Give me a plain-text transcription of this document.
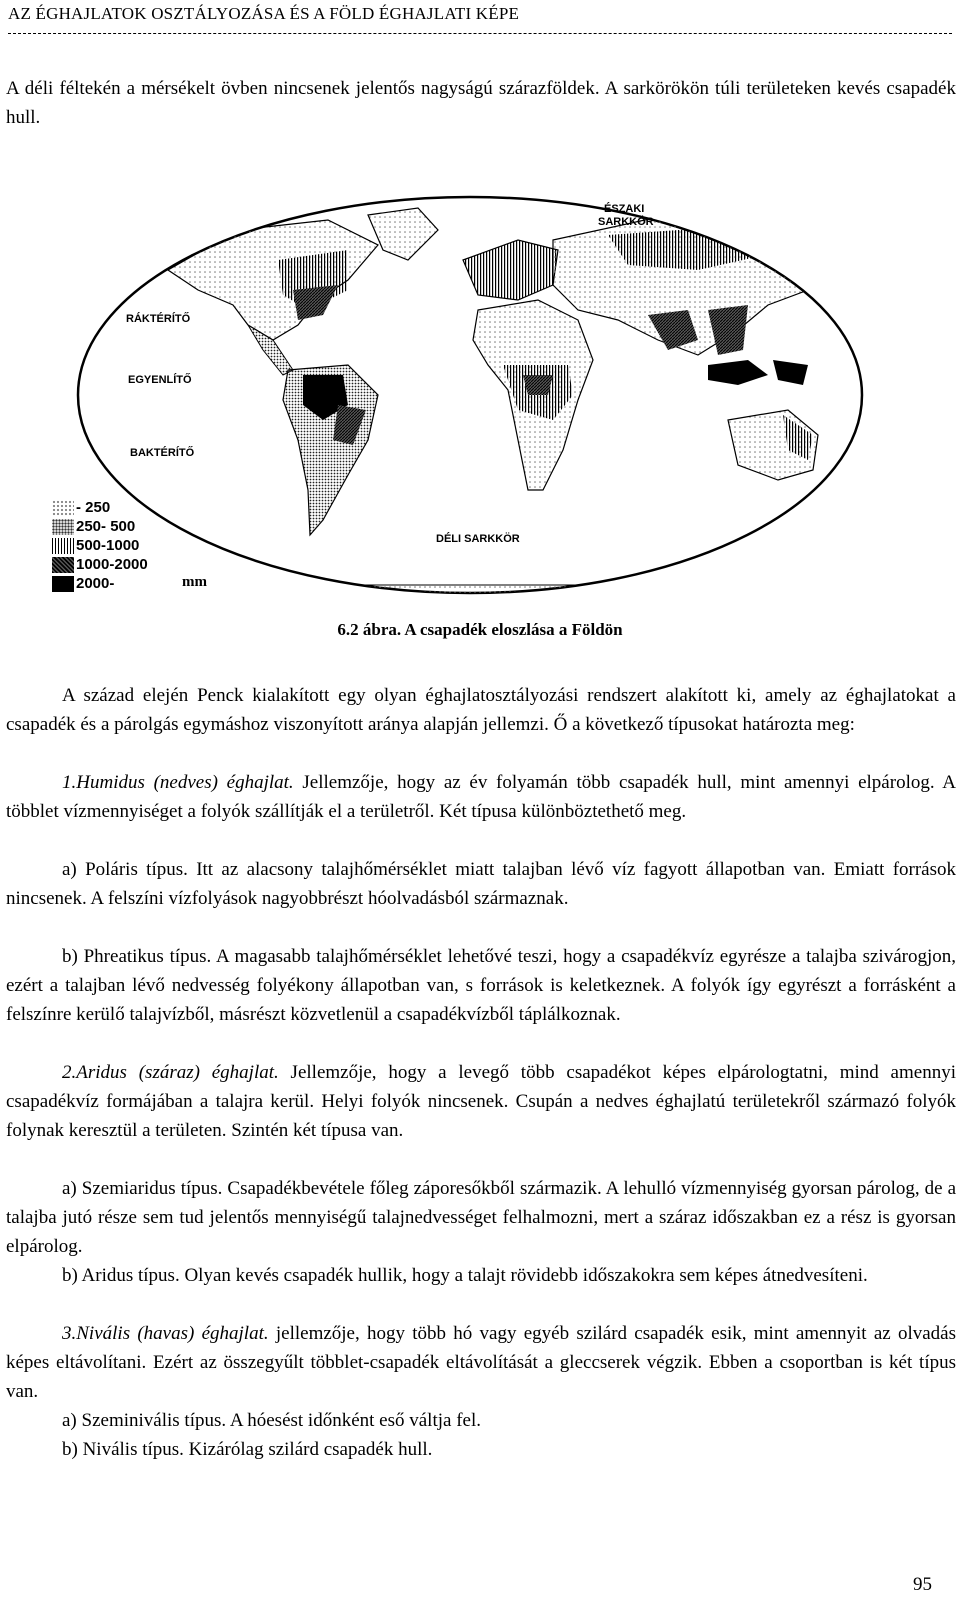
AZ ÉGHAJLATOK OSZTÁLYOZÁSA ÉS A FÖLD ÉGHAJLATI KÉPE
A déli féltekén a mérsékelt övben nincsenek jelentős nagyságú szárazföldek. A sarkörökön túli területeken kevés csapadék hull.
ÉSZAKI
SARKKÖR
RÁKTÉRÍTŐ
EGYENLÍTŐ
BAKTÉRÍTŐ
DÉLI SARKKÖR
- 250
250- 500
500-1000
1000-2000
2000-	mm
6.2 ábra. A csapadék eloszlása a Földön
A század elején Penck kialakított egy olyan éghajlatosztályozási rendszert alakított ki, amely az éghajlatokat a csapadék és a párolgás egymáshoz viszonyított aránya alapján jellemzi. Ő a következő típusokat határozta meg:
1.Humidus (nedves) éghajlat. Jellemzője, hogy az év folyamán több csapadék hull, mint amennyi elpárolog. A többlet vízmennyiséget a folyók szállítják el a területről. Két típusa különböztethető meg.
a) Poláris típus. Itt az alacsony talajhőmérséklet miatt talajban lévő víz fagyott állapotban van. Emiatt források nincsenek. A felszíni vízfolyások nagyobbrészt hóolvadásból származnak.
b) Phreatikus típus. A magasabb talajhőmérséklet lehetővé teszi, hogy a csapadékvíz egyrésze a talajba szivárogjon, ezért a talajban lévő nedvesség folyékony állapotban van, s források is keletkeznek. A folyók így egyrészt a forrásként a felszínre kerülő talajvízből, másrészt közvetlenül a csapadékvízből táplálkoznak.
2.Aridus (száraz) éghajlat. Jellemzője, hogy a levegő több csapadékot képes elpárologtatni, mind amennyi csapadékvíz formájában a talajra kerül. Helyi folyók nincsenek. Csupán a nedves éghajlatú területekről származó folyók folynak keresztül a területen. Szintén két típusa van.
a) Szemiaridus típus. Csapadékbevétele főleg záporesőkből származik. A lehulló vízmennyiség gyorsan párolog, de a talajba jutó része sem tud jelentős mennyiségű talajnedvességet felhalmozni, mert a száraz időszakban ez a rész is gyorsan elpárolog.
b) Aridus típus. Olyan kevés csapadék hullik, hogy a talajt rövidebb időszakokra sem képes átnedvesíteni.
3.Nivális (havas) éghajlat. jellemzője, hogy több hó vagy egyéb szilárd csapadék esik, mint amennyit az olvadás képes eltávolítani. Ezért az összegyűlt többlet-csapadék eltávolítását a gleccserek végzik. Ebben a csoportban is két típus van.
a) Szeminivális típus. A hóesést időnként eső váltja fel.
b) Nivális típus. Kizárólag szilárd csapadék hull.
95
